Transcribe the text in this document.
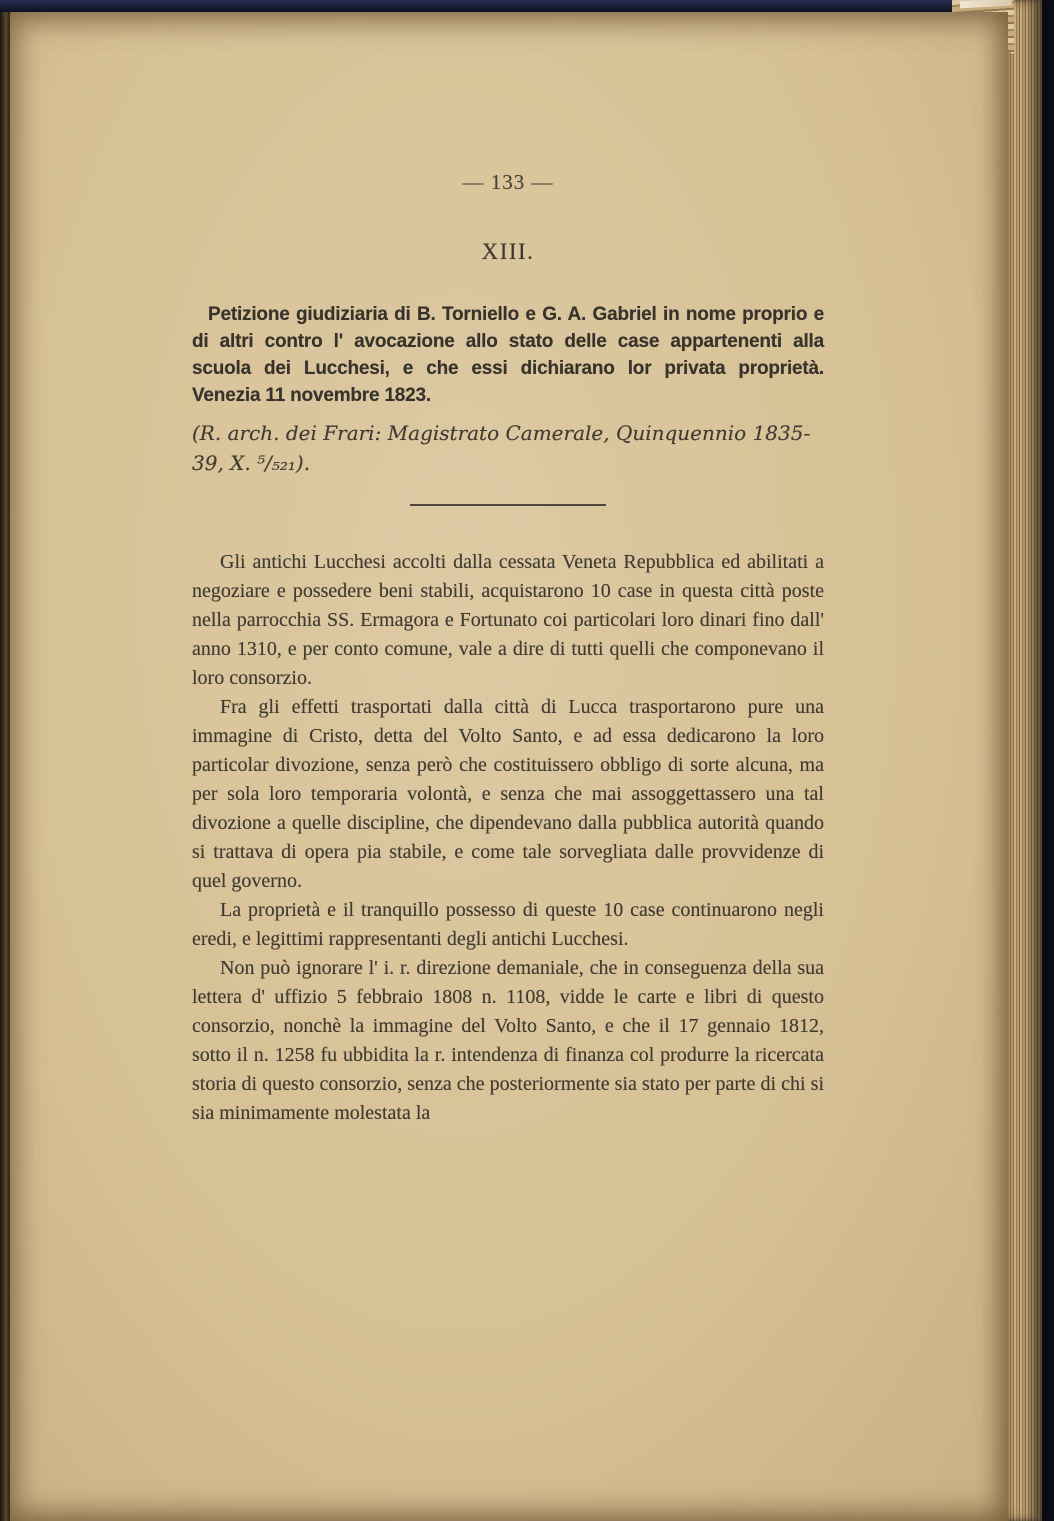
— 133 —
XIII.

Petizione giudiziaria di B. Torniello e G. A. Gabriel in nome proprio e di altri contro l' avocazione allo stato delle case appartenenti alla scuola dei Lucchesi, e che essi dichiarano lor privata proprietà. Venezia 11 novembre 1823.

(R. arch. dei Frari: Magistrato Camerale, Quinquennio 1835-39, X. ⁵/₅₂₁).

Gli antichi Lucchesi accolti dalla cessata Veneta Repubblica ed abilitati a negoziare e possedere beni stabili, acquistarono 10 case in questa città poste nella parrocchia SS. Ermagora e Fortunato coi particolari loro dinari fino dall' anno 1310, e per conto comune, vale a dire di tutti quelli che componevano il loro consorzio.

Fra gli effetti trasportati dalla città di Lucca trasportarono pure una immagine di Cristo, detta del Volto Santo, e ad essa dedicarono la loro particolar divozione, senza però che costituissero obbligo di sorte alcuna, ma per sola loro temporaria volontà, e senza che mai assoggettassero una tal divozione a quelle discipline, che dipendevano dalla pubblica autorità quando si trattava di opera pia stabile, e come tale sorvegliata dalle provvidenze di quel governo.

La proprietà e il tranquillo possesso di queste 10 case continuarono negli eredi, e legittimi rappresentanti degli antichi Lucchesi.

Non può ignorare l' i. r. direzione demaniale, che in conseguenza della sua lettera d' uffizio 5 febbraio 1808 n. 1108, vidde le carte e libri di questo consorzio, nonchè la immagine del Volto Santo, e che il 17 gennaio 1812, sotto il n. 1258 fu ubbidita la r. intendenza di finanza col produrre la ricercata storia di questo consorzio, senza che posteriormente sia stato per parte di chi si sia minimamente molestata la
